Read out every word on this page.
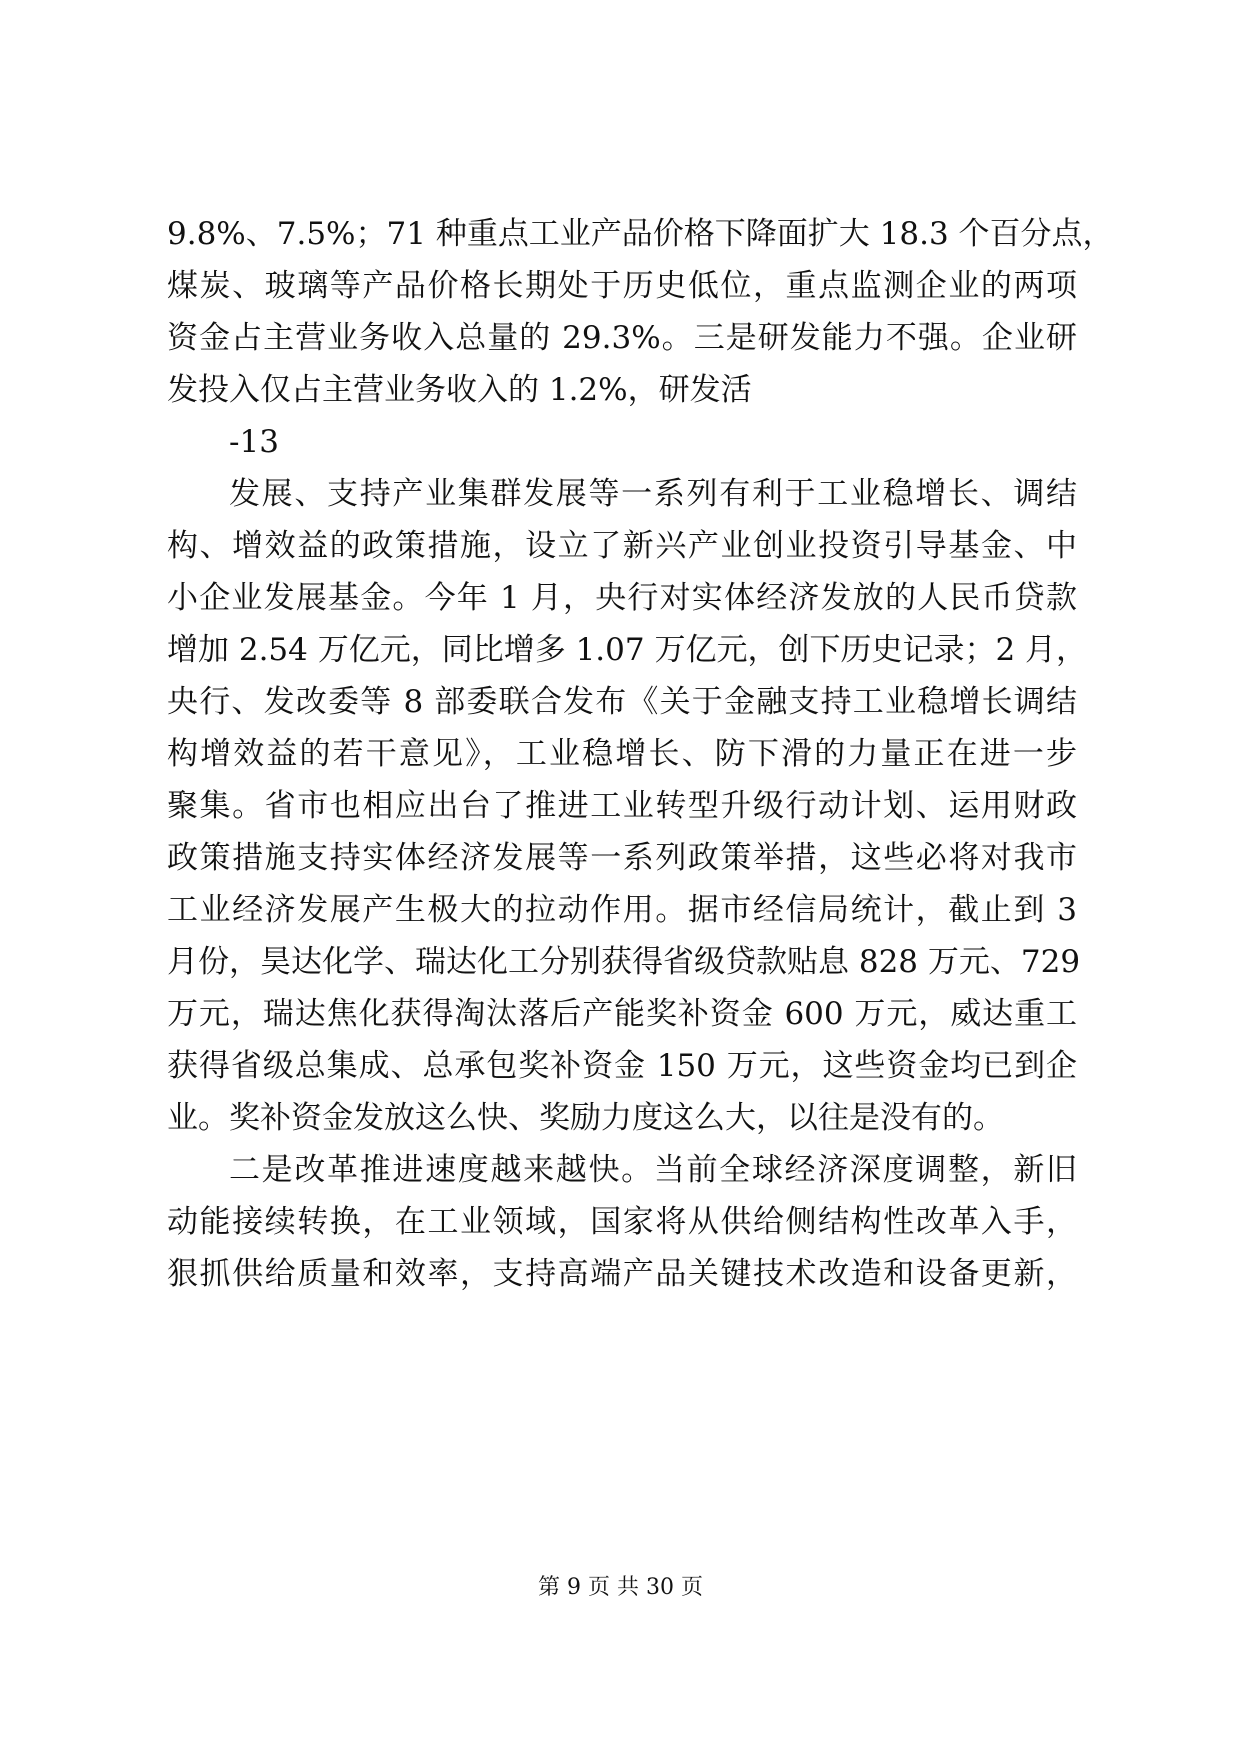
9.8%、7.5%；71 种重点工业产品价格下降面扩大 18.3 个百分点，
煤炭、玻璃等产品价格长期处于历史低位，重点监测企业的两项
资金占主营业务收入总量的 29.3%。三是研发能力不强。企业研
发投入仅占主营业务收入的 1.2%，研发活
-13
发展、支持产业集群发展等一系列有利于工业稳增长、调结
构、增效益的政策措施，设立了新兴产业创业投资引导基金、中
小企业发展基金。今年 1 月，央行对实体经济发放的人民币贷款
增加 2.54 万亿元，同比增多 1.07 万亿元，创下历史记录；2 月，
央行、发改委等 8 部委联合发布《关于金融支持工业稳增长调结
构增效益的若干意见》，工业稳增长、防下滑的力量正在进一步
聚集。省市也相应出台了推进工业转型升级行动计划、运用财政
政策措施支持实体经济发展等一系列政策举措，这些必将对我市
工业经济发展产生极大的拉动作用。据市经信局统计，截止到 3
月份，昊达化学、瑞达化工分别获得省级贷款贴息 828 万元、729
万元，瑞达焦化获得淘汰落后产能奖补资金 600 万元，威达重工
获得省级总集成、总承包奖补资金 150 万元，这些资金均已到企
业。奖补资金发放这么快、奖励力度这么大，以往是没有的。
二是改革推进速度越来越快。当前全球经济深度调整，新旧
动能接续转换，在工业领域，国家将从供给侧结构性改革入手，
狠抓供给质量和效率，支持高端产品关键技术改造和设备更新，
第 9 页 共 30 页
